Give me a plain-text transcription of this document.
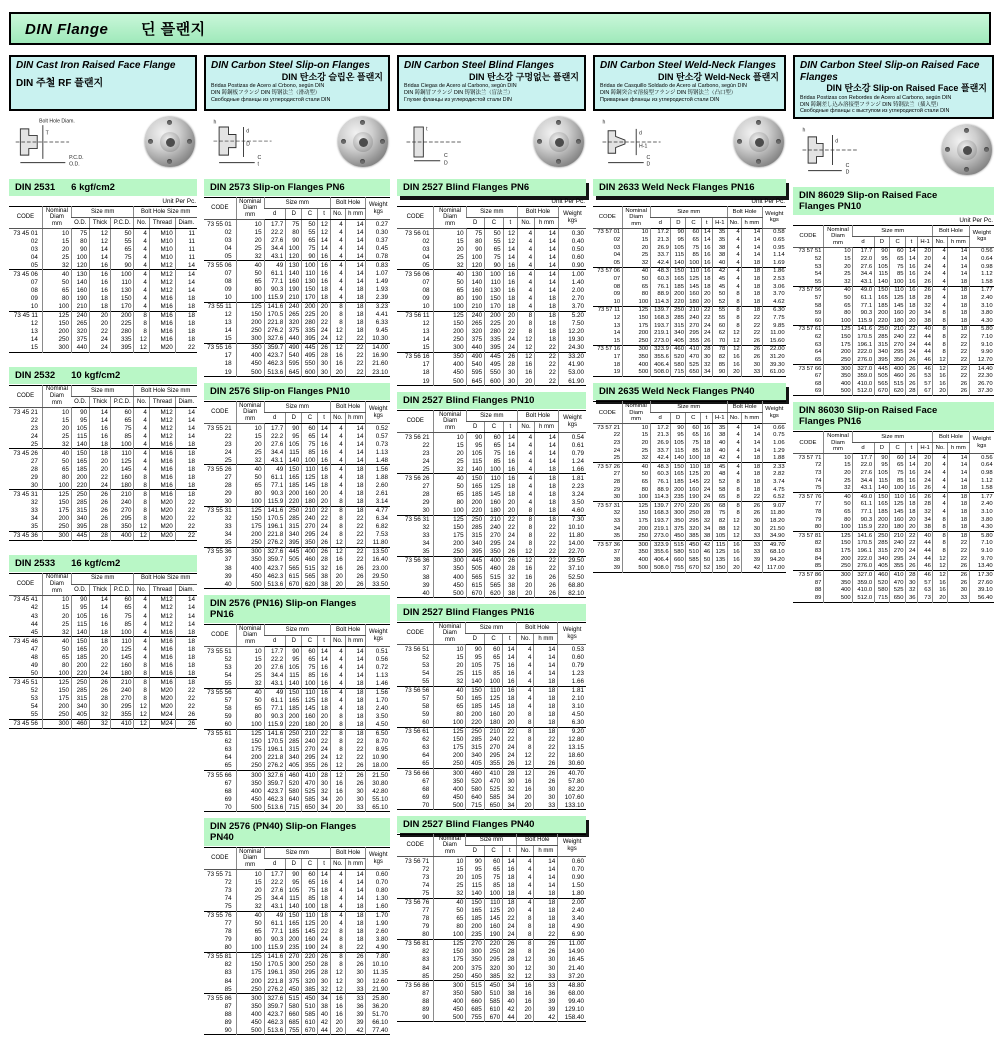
DIN Flange 딘 플랜지
DIN Cast Iron Raised Face Flange
DIN 주철 RF 플랜지
Bolt Hole Diam.
T
P.C.D.
O.D.
DIN 2531 6 kgf/cm2
Unit Per Pc.
CODE	Nominal
Diam
mm	Size mm			Bolt Hole Size mm		
		O.D.	Thick	P.C.D.	No.	Thread	Diam.
73 45 01	10	75	12	50	4	M10	11
02	15	80	12	55	4	M10	11
03	20	90	14	65	4	M10	11
04	25	100	14	75	4	M10	11
05	32	120	16	90	4	M12	14
73 45 06	40	130	16	100	4	M12	14
07	50	140	16	110	4	M12	14
08	65	160	16	130	4	M12	14
09	80	190	18	150	4	M16	18
10	100	210	18	170	4	M16	18
73 45 11	125	240	20	200	8	M16	18
12	150	265	20	225	8	M16	18
13	200	320	22	280	8	M16	18
14	250	375	24	335	12	M16	18
15	300	440	24	395	12	M20	22
DIN 2532 10 kgf/cm2
CODE	Nominal
Diam
mm	Size mm			Bolt Hole Size mm		
		O.D.	Thick	P.C.D.	No.	Thread	Diam.
73 45 21	10	90	14	60	4	M12	14
22	15	95	14	65	4	M12	14
23	20	105	16	75	4	M12	14
24	25	115	16	85	4	M12	14
25	32	140	18	100	4	M16	18
73 45 26	40	150	18	110	4	M16	18
27	50	165	20	125	4	M16	18
28	65	185	20	145	4	M16	18
29	80	200	22	160	8	M16	18
30	100	220	24	180	8	M16	18
73 45 31	125	250	26	210	8	M16	18
32	150	285	26	240	8	M20	22
33	175	315	26	270	8	M20	22
34	200	340	26	295	8	M20	22
35	250	395	28	350	12	M20	22
73 45 36	300	445	28	400	12	M20	22
DIN 2533 16 kgf/cm2
CODE	Nominal
Diam
mm	Size mm			Bolt Hole Size mm		
		O.D.	Thick	P.C.D.	No.	Thread	Diam.
73 45 41	10	90	14	60	4	M12	14
42	15	95	14	65	4	M12	14
43	20	105	16	75	4	M12	14
44	25	115	16	85	4	M12	14
45	32	140	18	100	4	M16	18
73 45 46	40	150	18	110	4	M16	18
47	50	165	20	125	4	M16	18
48	65	185	20	145	4	M16	18
49	80	200	22	160	8	M16	18
50	100	220	24	180	8	M16	18
73 45 51	125	250	26	210	8	M16	18
52	150	285	26	240	8	M20	22
53	175	315	28	270	8	M20	22
54	200	340	30	295	12	M20	22
55	250	405	32	355	12	M24	26
73 45 56	300	460	32	410	12	M24	26
DIN Carbon Steel Slip-on Flanges
DIN 탄소강 슬립온 플랜지
Bridas Postizas de Acero al Crbono, según DIN
DIN 鋳鋼板フランジ DIN 铸钢法兰（滑动型）
Свободные фланцы из углеродистой стали DIN
h
d
D
C
t
DIN 2573 Slip-on Flanges PN6
CODE	Nominal
Diam
mm	Size mm				Bolt Hole		Weight
kgs
		d	D	C	t	No.	h mm	
73 55 01	10	17.7	75	50	12	4	14	0.27
02	15	22.2	80	55	12	4	14	0.30
03	20	27.6	90	65	14	4	14	0.37
04	25	34.4	100	75	14	4	14	0.45
05	32	43.1	120	90	16	4	14	0.78
73 55 06	40	49	130	100	16	4	14	0.83
07	50	61.1	140	110	16	4	14	1.07
08	65	77.1	160	130	16	4	14	1.49
09	80	90.3	190	150	18	4	18	1.93
10	100	115.9	210	170	18	4	18	2.39
73 55 11	125	141.6	240	200	20	8	18	3.23
12	150	170.5	265	225	20	8	18	4.41
13	200	221.8	320	280	22	8	18	6.33
14	250	276.2	375	335	24	12	18	9.45
15	300	327.6	440	395	24	12	22	10.30
73 55 16	350	359.7	490	445	26	12	22	14.00
17	400	423.7	540	495	28	16	22	16.90
18	450	462.3	595	550	30	16	22	21.60
19	500	513.6	645	600	30	20	22	23.10
DIN 2576 Slip-on Flanges PN10
CODE	Nominal
Diam
mm	Size mm				Bolt Hole		Weight
kgs
		d	D	C	t	No.	h mm	
73 55 21	10	17.7	90	60	14	4	14	0.52
22	15	22.2	95	65	14	4	14	0.57
23	20	27.6	105	75	16	4	14	0.73
24	25	34.4	115	85	16	4	14	1.13
25	32	43.1	140	100	16	4	14	1.48
73 55 26	40	49	150	110	16	4	18	1.56
27	50	61.1	165	125	18	4	18	1.88
28	65	77.1	185	145	18	4	18	2.60
29	80	90.3	200	160	20	4	18	2.61
30	100	115.9	220	180	20	8	18	3.14
73 55 31	125	141.6	250	210	22	8	18	4.77
32	150	170.5	285	240	22	8	22	6.34
33	175	196.1	315	270	24	8	22	6.82
34	200	221.8	340	295	24	8	22	7.53
35	250	276.2	395	350	26	12	22	11.80
73 55 36	300	327.6	445	400	26	12	22	13.50
37	350	359.7	505	460	28	16	22	16.40
38	400	423.7	565	515	32	16	26	23.00
39	450	462.3	615	565	38	20	26	29.50
40	500	513.6	670	620	38	20	26	33.50
DIN 2576 (PN16) Slip-on Flanges PN16
CODE	Nominal
Diam
mm	Size mm				Bolt Hole		Weight
kgs
		d	D	C	t	No.	h mm	
73 55 51	10	17.7	90	60	14	4	14	0.51
52	15	22.2	95	65	14	4	14	0.56
53	20	27.6	105	75	16	4	14	0.72
54	25	34.4	115	85	16	4	14	1.13
55	32	43.1	140	100	16	4	18	1.46
73 55 56	40	49	150	110	16	4	18	1.56
57	50	61.1	165	125	18	4	18	1.70
58	65	77.1	185	145	18	4	18	2.40
59	80	90.3	200	160	20	8	18	3.50
60	100	115.9	220	180	20	8	18	4.50
73 55 61	125	141.6	250	210	22	8	18	6.50
62	150	170.5	285	240	22	8	22	8.70
63	175	196.1	315	270	24	8	22	8.95
64	200	221.8	340	295	24	12	22	10.90
65	250	276.2	405	355	26	12	26	18.00
73 55 66	300	327.6	460	410	28	12	26	21.50
67	350	359.7	520	470	30	16	26	30.80
68	400	423.7	580	525	32	16	30	42.80
69	450	462.3	640	585	34	20	30	55.10
70	500	513.6	715	650	34	20	33	65.10
DIN 2576 (PN40) Slip-on Flanges PN40
CODE	Nominal
Diam
mm	Size mm				Bolt Hole		Weight
kgs
		d	D	C	t	No.	h mm	
73 55 71	10	17.7	90	60	14	4	14	0.60
72	15	22.2	95	65	16	4	14	0.70
73	20	27.6	105	75	18	4	14	0.80
74	25	34.4	115	85	18	4	14	1.30
75	32	43.1	140	100	18	4	18	1.60
73 55 76	40	49	150	110	18	4	18	1.70
77	50	61.1	165	125	20	4	18	1.90
78	65	77.1	185	145	22	8	18	2.60
79	80	90.3	200	160	24	8	18	3.80
80	100	115.9	235	190	24	8	22	4.90
73 55 81	125	141.6	270	220	26	8	26	7.80
82	150	170.5	300	250	28	8	26	10.10
83	175	196.1	350	295	28	12	30	11.35
84	200	221.8	375	320	30	12	30	12.60
85	250	276.2	450	385	32	12	33	21.90
73 55 86	300	327.6	515	450	34	16	33	25.80
87	350	359.7	580	510	38	16	36	36.20
88	400	423.7	660	585	40	16	39	51.70
89	450	462.3	685	610	42	20	39	66.10
90	500	513.6	755	670	44	20	42	77.40
DIN Carbon Steel Blind Flanges
DIN 탄소강 구멍없는 플랜지
Bridas Ciegas de Acero al Carbono, según DIN
DIN 鋳鋼冒フランジ DIN 铸钢法兰（盲法兰）
Глухие фланцы из углеродистой стали DIN
t
C
D
DIN 2527 Blind Flanges PN6
Unit Per Pc.
CODE	Nominal
Diam
mm	Size mm			Bolt Hole		Weight
kgs
		D	C	t	No.	h mm	
73 56 01	10	75	50	12	4	14	0.30
02	15	80	55	12	4	14	0.40
03	20	90	65	14	4	14	0.50
04	25	100	75	14	4	14	0.60
05	32	120	90	16	4	14	0.90
73 56 06	40	130	100	16	4	14	1.00
07	50	140	110	16	4	14	1.40
08	65	160	130	16	4	14	2.00
09	80	190	150	18	4	18	2.70
10	100	210	170	18	4	18	3.70
73 56 11	125	240	200	20	8	18	5.20
12	150	265	225	20	8	18	7.50
13	200	320	280	22	8	18	12.20
14	250	375	335	24	12	18	19.30
15	300	440	395	24	12	22	24.30
73 56 16	350	490	445	26	12	22	33.20
17	400	540	495	28	16	22	41.90
18	450	595	550	30	16	22	53.00
19	500	645	600	30	20	22	61.90
DIN 2527 Blind Flanges PN10
CODE	Nominal
Diam
mm	Size mm			Bolt Hole		Weight
kgs
		D	C	t	No.	h mm	
73 56 21	10	90	60	14	4	14	0.54
22	15	95	65	14	4	14	0.61
23	20	105	75	16	4	14	0.79
24	25	115	85	16	4	14	1.24
25	32	140	100	16	4	18	1.66
73 56 26	40	150	110	16	4	18	1.81
27	50	165	125	18	4	18	2.23
28	65	185	145	18	4	18	3.24
29	80	200	160	20	4	18	3.50
30	100	220	180	20	8	18	4.60
73 56 31	125	250	210	22	8	18	7.30
32	150	285	240	22	8	22	10.10
33	175	315	270	24	8	22	11.80
34	200	340	295	24	8	22	14.00
35	250	395	350	26	12	22	22.70
73 56 36	300	445	400	26	12	22	29.50
37	350	505	460	28	16	22	37.10
38	400	565	515	32	16	26	52.50
39	450	615	565	38	20	26	68.80
40	500	670	620	38	20	26	82.10
DIN 2527 Blind Flanges PN16
CODE	Nominal
Diam
mm	Size mm			Bolt Hole		Weight
kgs
		D	C	t	No.	h mm	
73 56 51	10	90	60	14	4	14	0.53
52	15	95	65	14	4	14	0.60
53	20	105	75	16	4	14	0.79
54	25	115	85	16	4	14	1.23
55	32	140	100	16	4	18	1.66
73 56 56	40	150	110	16	4	18	1.81
57	50	165	125	18	4	18	2.10
58	65	185	145	18	4	18	3.10
59	80	200	160	20	8	18	4.50
60	100	220	180	20	8	18	6.30
73 56 61	125	250	210	22	8	18	9.20
62	150	285	240	22	8	22	12.80
63	175	315	270	24	8	22	13.15
64	200	340	295	24	12	22	18.60
65	250	405	355	26	12	26	30.60
73 56 66	300	460	410	28	12	26	40.70
67	350	520	470	30	16	26	57.80
68	400	580	525	32	16	30	82.20
69	450	640	585	34	20	30	107.60
70	500	715	650	34	20	33	133.10
DIN 2527 Blind Flanges PN40
CODE	Nominal
Diam
mm	Size mm			Bolt Hole		Weight
kgs
		D	C	t	No.	h mm	
73 56 71	10	90	60	14	4	14	0.60
72	15	95	65	16	4	14	0.70
73	20	105	75	18	4	14	0.90
74	25	115	85	18	4	14	1.50
75	32	140	100	18	4	18	1.80
73 56 76	40	150	110	18	4	18	2.00
77	50	165	125	20	4	18	2.40
78	65	185	145	22	8	18	3.40
79	80	200	160	24	8	18	4.90
80	100	235	190	24	8	22	6.90
73 56 81	125	270	220	26	8	26	11.00
82	150	300	250	28	8	26	14.90
83	175	350	295	28	12	30	16.45
84	200	375	320	30	12	30	21.40
85	250	450	385	32	12	33	37.20
73 56 86	300	515	450	34	16	33	48.80
87	350	580	510	38	16	36	68.00
88	400	660	585	40	16	39	99.40
89	450	685	610	42	20	39	129.10
90	500	755	670	44	20	42	158.40
DIN Carbon Steel Weld-Neck Flanges
DIN 탄소강 Weld-Neck 플랜지
Bridas de Casquillo Soldado de Acero al Carbono, según DIN
DIN 鋳鋼突合せ溶接型フランジ DIN 铸钢法兰（凸口型）
Приварные фланцы из углеродистой стали DIN
h
d
H-1
C
D
DIN 2633 Weld Neck Flanges PN16
Unit Per Pc.
CODE	Nominal
Diam
mm	Size mm					Bolt Hole		Weight
kgs
		d	D	C	t	H-1	No.	h mm	
73 57 01	10	17.2	90	60	14	35	4	14	0.58
02	15	21.3	95	65	14	35	4	14	0.65
03	20	26.9	105	75	16	38	4	14	0.95
04	25	33.7	115	85	16	38	4	14	1.14
05	32	42.4	140	100	16	40	4	18	1.69
73 57 06	40	48.3	150	110	16	42	4	18	1.86
07	50	60.3	165	125	18	45	4	18	2.53
08	65	76.1	185	145	18	45	4	18	3.06
09	80	88.9	200	160	20	50	8	18	3.70
10	100	114.3	220	180	20	52	8	18	4.62
73 57 11	125	139.7	250	210	22	55	8	18	6.30
12	150	168.3	285	240	22	55	8	22	7.75
13	175	193.7	315	270	24	60	8	22	9.85
14	200	219.1	340	295	24	62	12	22	11.00
15	250	273.0	405	355	26	70	12	26	15.60
73 57 16	300	323.9	460	410	28	78	12	26	22.00
17	350	355.6	520	470	30	82	16	26	31.20
18	400	406.4	580	525	32	85	16	30	39.30
19	500	508.0	715	650	34	90	20	33	61.00
DIN 2635 Weld Neck Flanges PN40
CODE	Nominal
Diam
mm	Size mm					Bolt Hole		Weight
kgs
		d	D	C	t	H-1	No.	h mm	
73 57 21	10	17.2	90	60	16	35	4	14	0.66
22	15	21.3	95	65	16	38	4	14	0.75
23	20	26.9	105	75	18	40	4	14	1.06
24	25	33.7	115	85	18	40	4	14	1.29
25	32	42.4	140	100	18	42	4	18	1.88
73 57 26	40	48.3	150	110	18	45	4	18	2.33
27	50	60.3	165	125	20	48	4	18	2.82
28	65	76.1	185	145	22	52	8	18	3.74
29	80	88.9	200	160	24	58	8	18	4.75
30	100	114.3	235	190	24	65	8	22	6.52
73 57 31	125	139.7	270	220	26	68	8	26	9.07
32	150	168.3	300	250	28	75	8	26	11.80
33	175	193.7	350	295	32	82	12	30	18.20
34	200	219.1	375	320	34	88	12	30	21.50
35	250	273.0	450	385	38	105	12	33	34.90
73 57 36	300	323.9	515	450	42	115	16	33	49.70
37	350	355.6	580	510	46	125	16	33	68.10
38	400	406.4	660	585	50	135	16	39	94.20
39	500	508.0	755	670	52	150	20	42	117.00
DIN Carbon Steel Slip-on Raised Face Flanges
DIN 탄소강 Slip-on Raised Face 플랜지
Bridas Postizas con Rebordes de Acero al Carbono, según DIN
DIN 鋳鋼差し込み溶接型フランジ DIN 铸钢法兰（插入型）
Свободные фланцы с выступом из углеродистой стали DIN
h
d
C
D
DIN 86029 Slip-on Raised Face Flanges PN10
Unit Per Pc.
CODE	Nominal
Diam
mm	Size mm					Bolt Hole		Weight
kgs
		d	D	C	t	H-1	No.	h mm	
73 57 51	10	17.7	90	60	14	20	4	14	0.56
52	15	22.0	95	65	14	20	4	14	0.64
53	20	27.6	105	75	16	24	4	14	0.98
54	25	34.4	115	85	16	24	4	14	1.12
55	32	43.1	140	100	16	26	4	18	1.58
73 57 56	40	49.0	150	110	16	26	4	18	1.77
57	50	61.1	165	125	18	28	4	18	2.40
58	65	77.1	185	145	18	32	4	18	3.10
59	80	90.3	200	160	20	34	8	18	3.80
60	100	115.9	220	180	20	38	8	18	4.30
73 57 61	125	141.6	250	210	22	40	8	18	5.80
62	150	170.5	285	240	22	44	8	22	7.10
63	175	196.1	315	270	24	44	8	22	9.10
64	200	222.0	340	295	24	44	8	22	9.90
65	250	276.0	395	350	26	46	12	22	12.70
73 57 66	300	327.0	445	400	26	46	12	22	14.40
67	350	359.0	505	460	26	53	16	22	22.30
68	400	410.0	565	515	26	57	16	26	26.70
69	500	512.0	670	620	28	67	20	26	37.30
DIN 86030 Slip-on Raised Face Flanges PN16
CODE	Nominal
Diam
mm	Size mm					Bolt Hole		Weight
kgs
		d	D	C	t	H-1	No.	h mm	
73 57 71	10	17.7	90	60	14	20	4	14	0.56
72	15	22.0	95	65	14	20	4	14	0.64
73	20	27.6	105	75	16	24	4	14	0.98
74	25	34.4	115	85	16	24	4	14	1.12
75	32	43.1	140	100	16	26	4	18	1.58
73 57 76	40	49.0	150	110	16	26	4	18	1.77
77	50	61.1	165	125	18	28	4	18	2.40
78	65	77.1	185	145	18	32	4	18	3.10
79	80	90.3	200	160	20	34	8	18	3.80
80	100	115.9	220	180	20	38	8	18	4.30
73 57 81	125	141.6	250	210	22	40	8	18	5.80
82	150	170.5	285	240	22	44	8	22	7.10
83	175	196.1	315	270	24	44	8	22	9.10
84	200	222.0	340	295	24	44	12	22	9.70
85	250	276.0	405	355	26	46	12	26	13.40
73 57 86	300	327.0	460	410	28	46	12	26	17.30
87	350	359.0	520	470	30	57	16	26	27.60
88	400	410.0	580	525	32	63	16	30	39.10
89	500	512.0	715	650	36	73	20	33	56.40
